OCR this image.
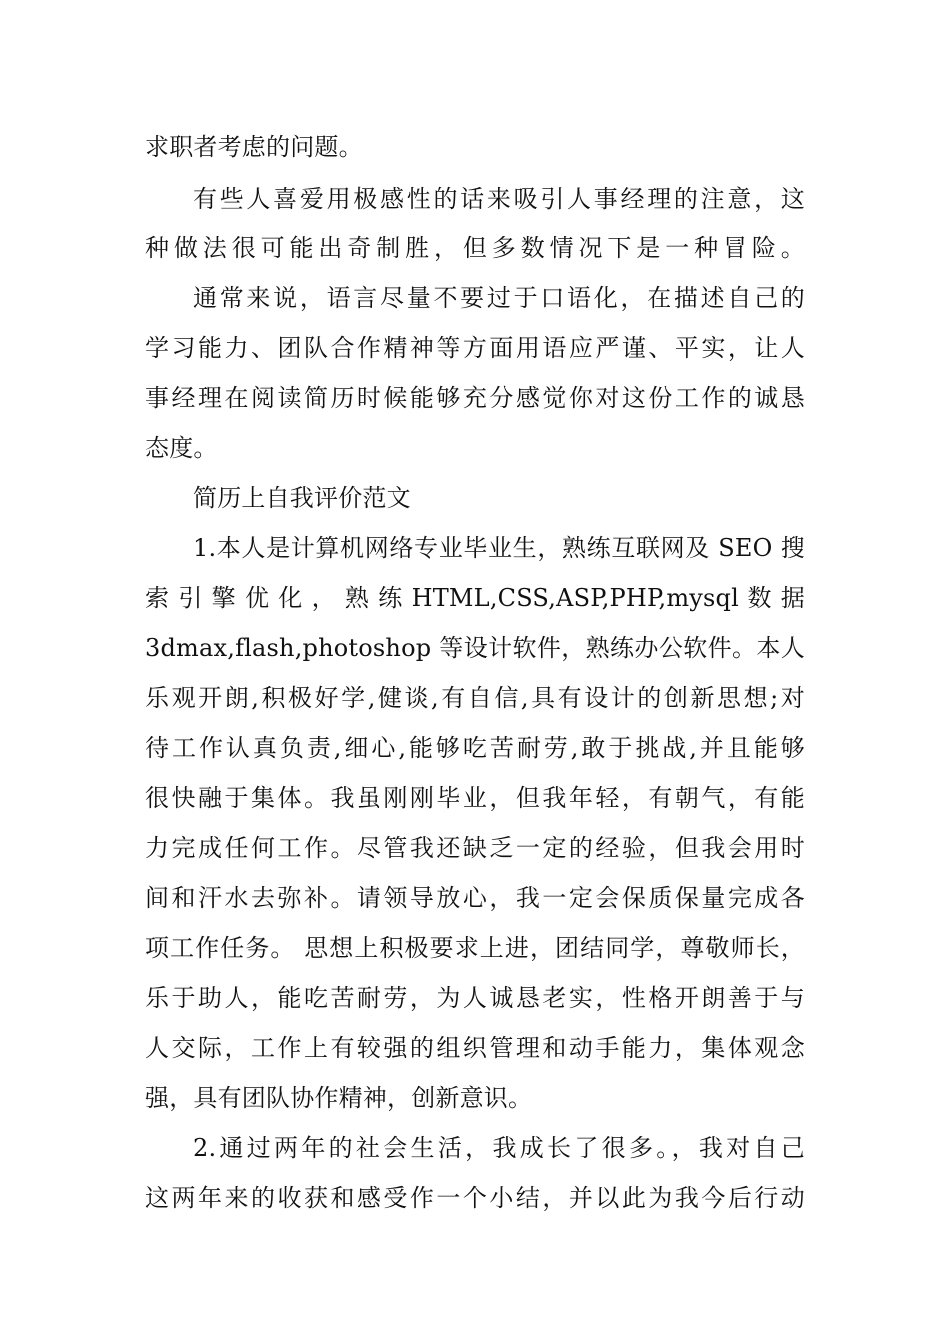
求职者考虑的问题。
有些人喜爱用极感性的话来吸引人事经理的注意，这
种做法很可能出奇制胜，但多数情况下是一种冒险。
通常来说，语言尽量不要过于口语化，在描述自己的
学习能力、团队合作精神等方面用语应严谨、平实，让人
事经理在阅读简历时候能够充分感觉你对这份工作的诚恳
态度。
简历上自我评价范文
1.本人是计算机网络专业毕业生，熟练互联网及 SEO 搜
索 引 擎 优 化 ， 熟 练 HTML,CSS,ASP,PHP,mysql 数 据
3dmax,flash,photoshop 等设计软件，熟练办公软件。本人
乐观开朗,积极好学,健谈,有自信,具有设计的创新思想;对
待工作认真负责,细心,能够吃苦耐劳,敢于挑战,并且能够
很快融于集体。我虽刚刚毕业，但我年轻，有朝气，有能
力完成任何工作。尽管我还缺乏一定的经验，但我会用时
间和汗水去弥补。请领导放心，我一定会保质保量完成各
项工作任务。 思想上积极要求上进，团结同学，尊敬师长，
乐于助人，能吃苦耐劳，为人诚恳老实，性格开朗善于与
人交际，工作上有较强的组织管理和动手能力，集体观念
强，具有团队协作精神，创新意识。
2.通过两年的社会生活，我成长了很多。，我对自己
这两年来的收获和感受作一个小结，并以此为我今后行动
